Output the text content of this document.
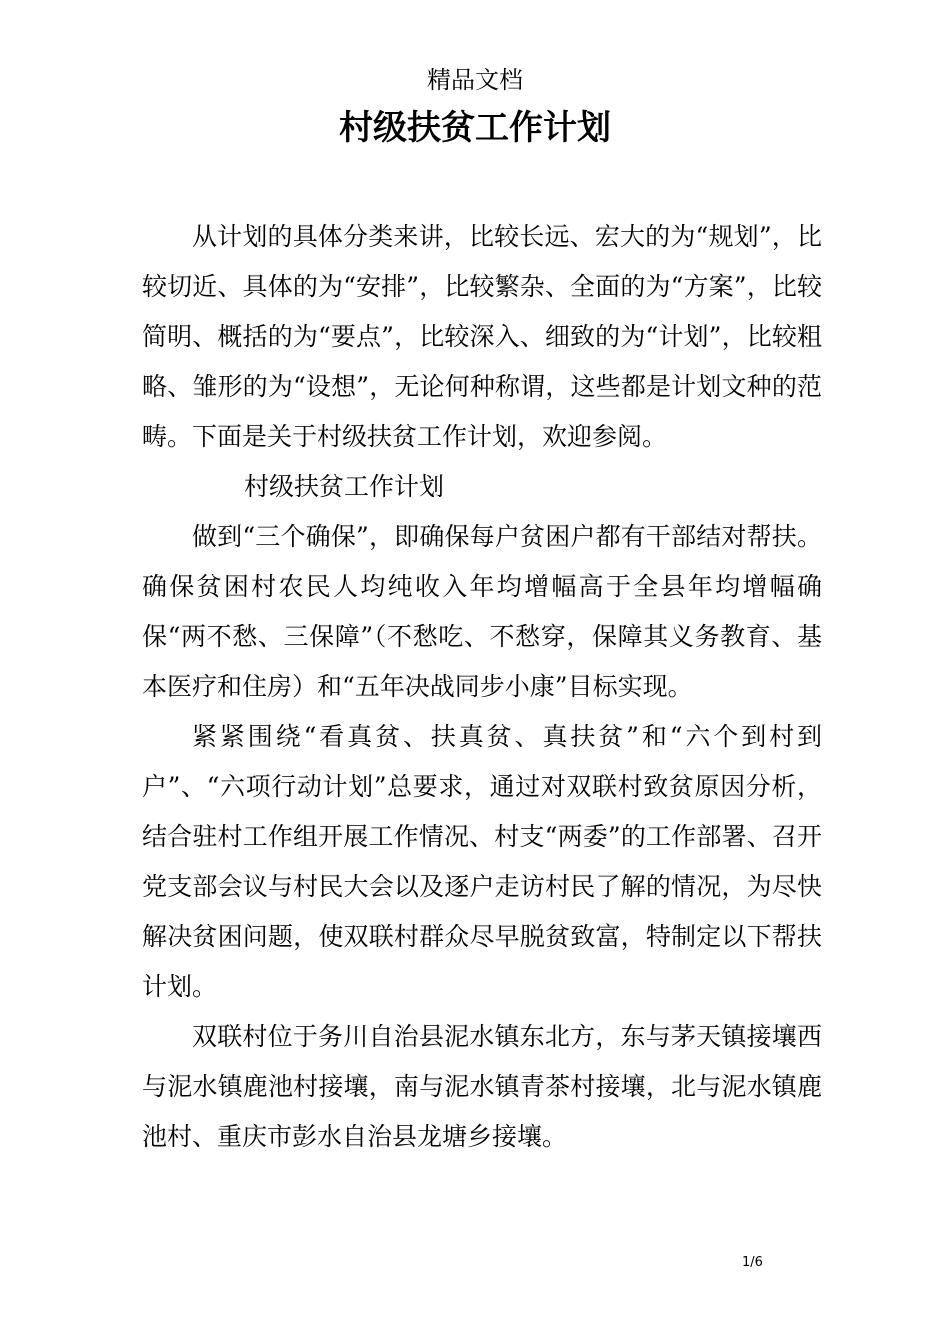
精品文档
村级扶贫工作计划

从计划的具体分类来讲，比较长远、宏大的为“规划”，比较切近、具体的为“安排”，比较繁杂、全面的为“方案”，比较简明、概括的为“要点”，比较深入、细致的为“计划”，比较粗略、雏形的为“设想”，无论何种称谓，这些都是计划文种的范畴。下面是关于村级扶贫工作计划，欢迎参阅。

村级扶贫工作计划

做到“三个确保”，即确保每户贫困户都有干部结对帮扶。确保贫困村农民人均纯收入年均增幅高于全县年均增幅确保“两不愁、三保障”（不愁吃、不愁穿，保障其义务教育、基本医疗和住房）和“五年决战同步小康”目标实现。

紧紧围绕“看真贫、扶真贫、真扶贫”和“六个到村到户”、“六项行动计划”总要求，通过对双联村致贫原因分析，结合驻村工作组开展工作情况、村支“两委”的工作部署、召开党支部会议与村民大会以及逐户走访村民了解的情况，为尽快解决贫困问题，使双联村群众尽早脱贫致富，特制定以下帮扶计划。

双联村位于务川自治县泥水镇东北方，东与茅天镇接壤西与泥水镇鹿池村接壤，南与泥水镇青茶村接壤，北与泥水镇鹿池村、重庆市彭水自治县龙塘乡接壤。

1/6
